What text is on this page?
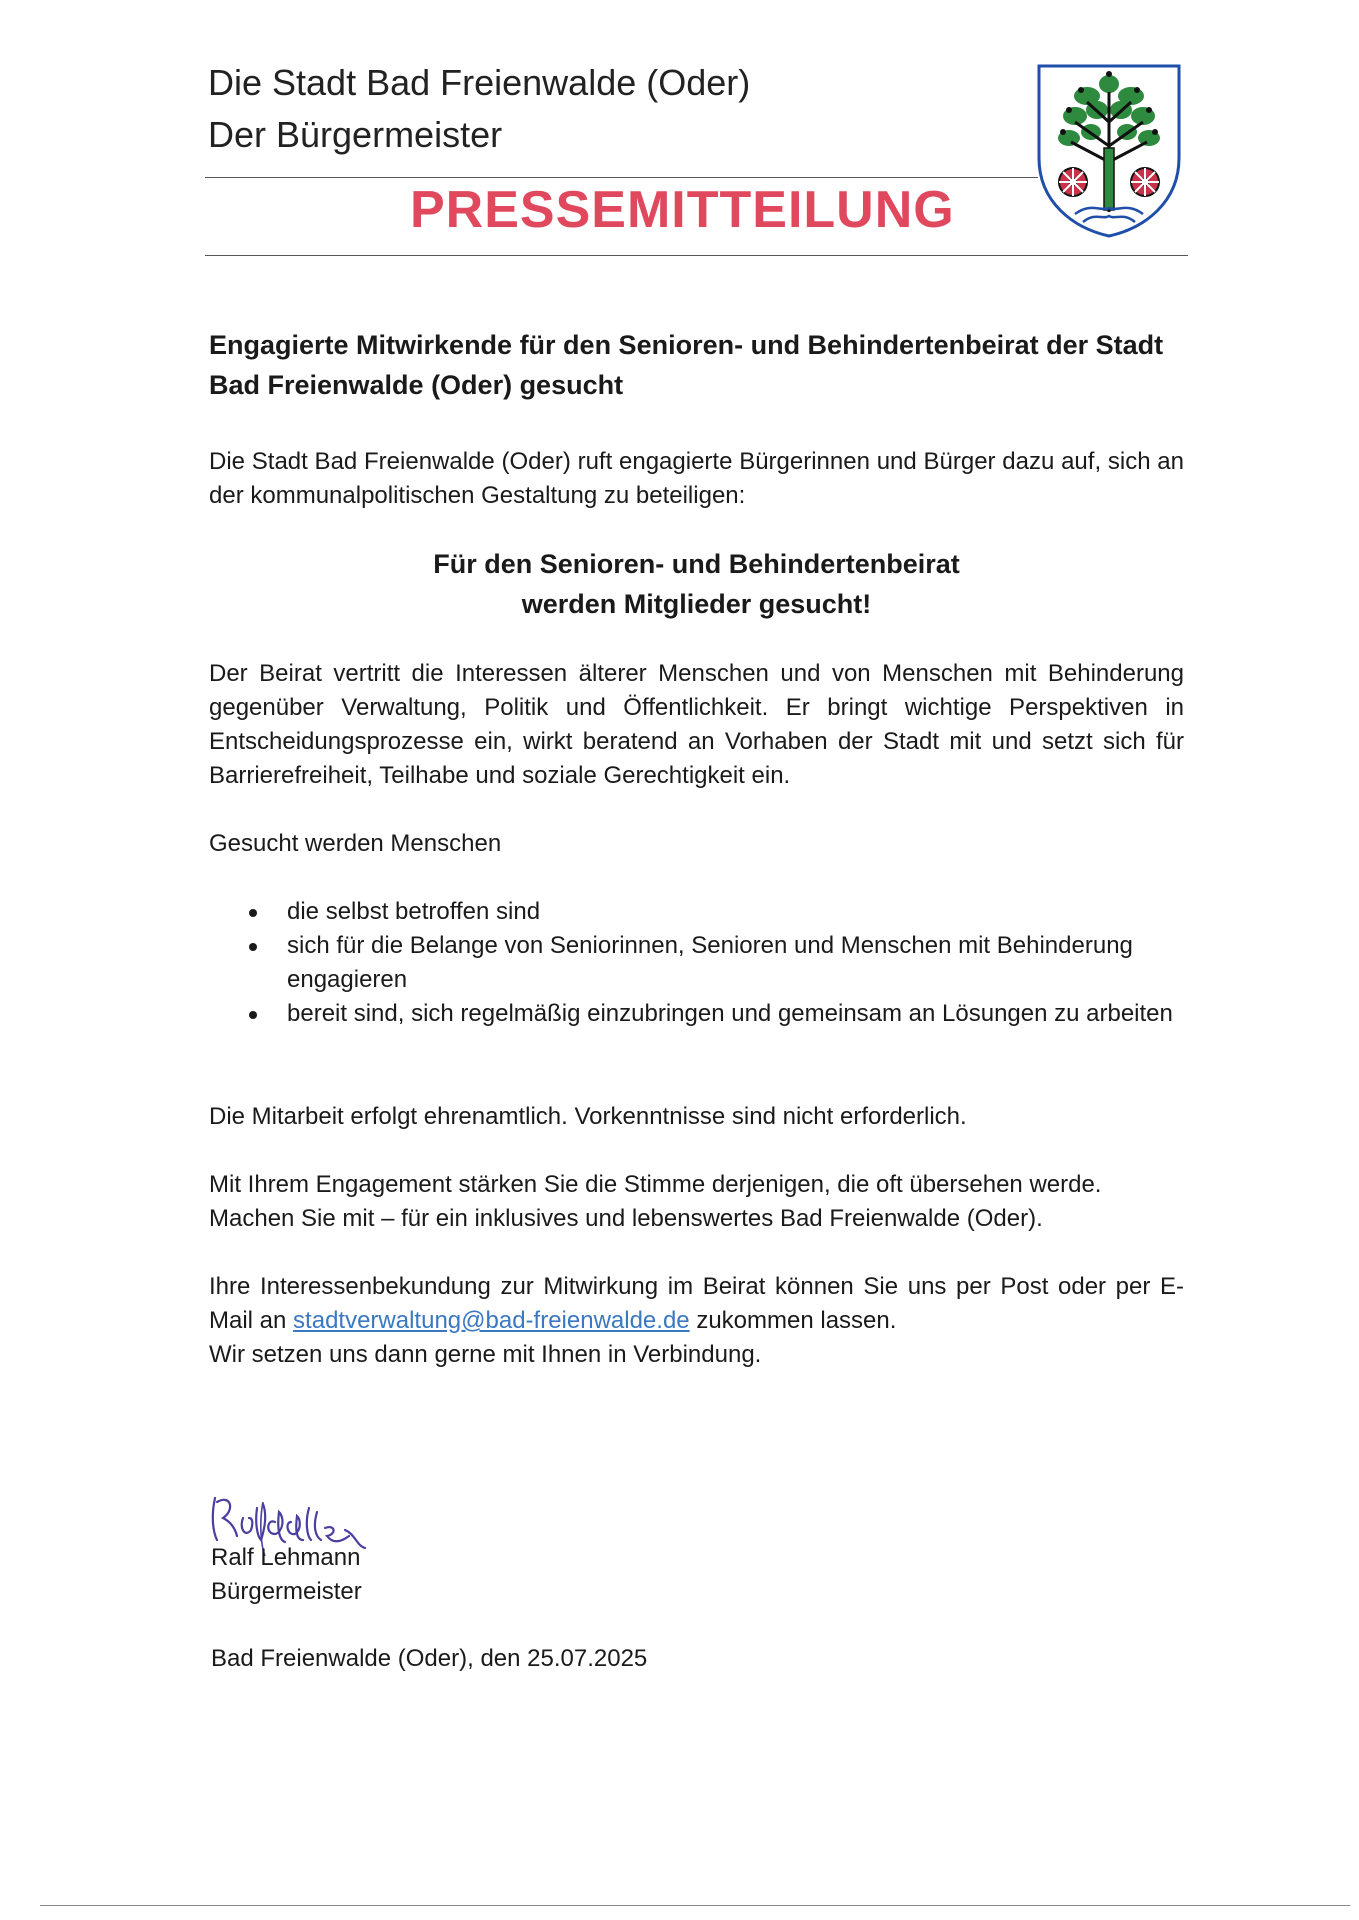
Die Stadt Bad Freienwalde (Oder)
Der Bürgermeister
PRESSEMITTEILUNG
Engagierte Mitwirkende für den Senioren- und Behindertenbeirat der Stadt Bad Freienwalde (Oder) gesucht
Die Stadt Bad Freienwalde (Oder) ruft engagierte Bürgerinnen und Bürger dazu auf, sich an der kommunalpolitischen Gestaltung zu beteiligen:
Für den Senioren- und Behindertenbeirat
werden Mitglieder gesucht!
Der Beirat vertritt die Interessen älterer Menschen und von Menschen mit Behinderung gegenüber Verwaltung, Politik und Öffentlichkeit. Er bringt wichtige Perspektiven in Entscheidungsprozesse ein, wirkt beratend an Vorhaben der Stadt mit und setzt sich für Barrierefreiheit, Teilhabe und soziale Gerechtigkeit ein.
Gesucht werden Menschen
die selbst betroffen sind
sich für die Belange von Seniorinnen, Senioren und Menschen mit Behinderung engagieren
bereit sind, sich regelmäßig einzubringen und gemeinsam an Lösungen zu arbeiten
Die Mitarbeit erfolgt ehrenamtlich. Vorkenntnisse sind nicht erforderlich.
Mit Ihrem Engagement stärken Sie die Stimme derjenigen, die oft übersehen werde.
Machen Sie mit – für ein inklusives und lebenswertes Bad Freienwalde (Oder).
Ihre Interessenbekundung zur Mitwirkung im Beirat können Sie uns per Post oder per E-Mail an stadtverwaltung@bad-freienwalde.de zukommen lassen.
Wir setzen uns dann gerne mit Ihnen in Verbindung.
Ralf Lehmann
Bürgermeister
Bad Freienwalde (Oder), den 25.07.2025
